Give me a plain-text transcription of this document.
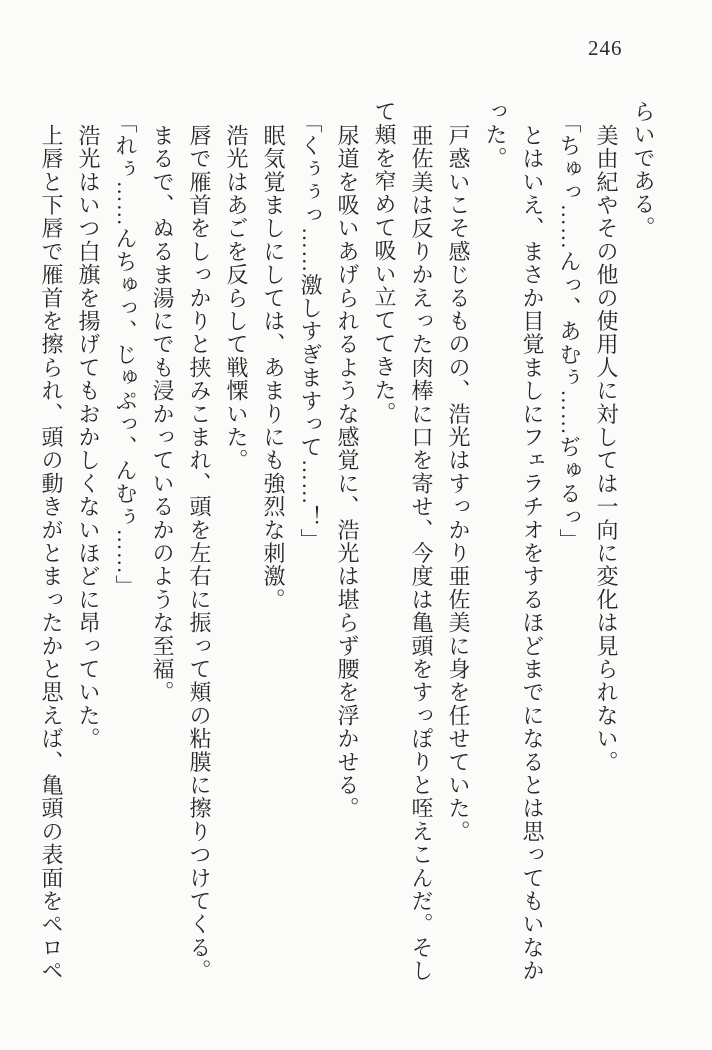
246
らいである。
美由紀やその他の使用人に対しては一向に変化は見られない。
「ちゅっ……んっ、あむぅ……ぢゅるっ」
とはいえ、まさか目覚ましにフェラチオをするほどまでになるとは思ってもいなか
った。
戸惑いこそ感じるものの、浩光はすっかり亜佐美に身を任せていた。
亜佐美は反りかえった肉棒に口を寄せ、今度は亀頭をすっぽりと咥えこんだ。そし
て頬を窄めて吸い立ててきた。
尿道を吸いあげられるような感覚に、浩光は堪らず腰を浮かせる。
「くぅぅっ……激しすぎますって……！」
眠気覚ましにしては、あまりにも強烈な刺激。
浩光はあごを反らして戦慄いた。
唇で雁首をしっかりと挟みこまれ、頭を左右に振って頬の粘膜に擦りつけてくる。
まるで、ぬるま湯にでも浸かっているかのような至福。
「れぅ……んちゅっ、じゅぷっ、んむぅ……」
浩光はいつ白旗を揚げてもおかしくないほどに昂っていた。
上唇と下唇で雁首を擦られ、頭の動きがとまったかと思えば、亀頭の表面をペロペ
